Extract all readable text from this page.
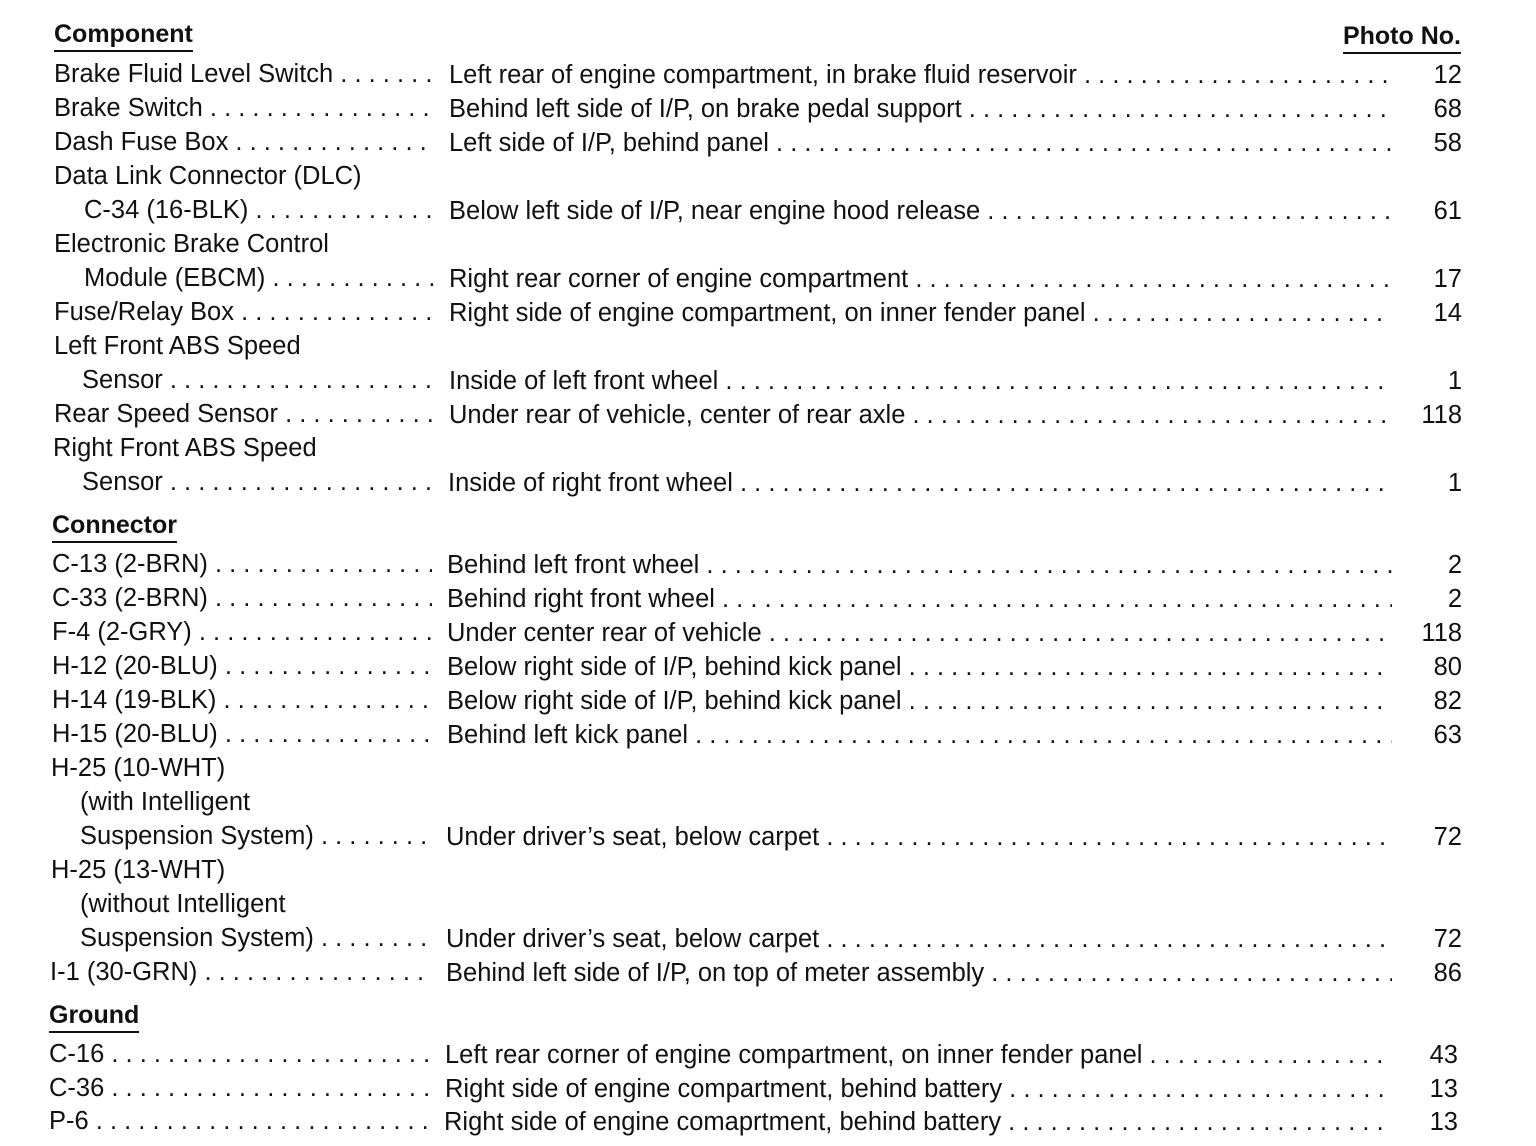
Component	Photo No.
Brake Fluid Level Switch . . .	Left rear of engine compartment, in brake fluid reservoir . . .	12
Brake Switch . . .	Behind left side of I/P, on brake pedal support . . .	68
Dash Fuse Box . . .	Left side of I/P, behind panel . . .	58
Data Link Connector (DLC)
C-34 (16-BLK) . . .	Below left side of I/P, near engine hood release . . .	61
Electronic Brake Control
Module (EBCM) . . .	Right rear corner of engine compartment . . .	17
Fuse/Relay Box . . .	Right side of engine compartment, on inner fender panel . . .	14
Left Front ABS Speed
Sensor . . .	Inside of left front wheel . . .	1
Rear Speed Sensor . . .	Under rear of vehicle, center of rear axle . . .	118
Right Front ABS Speed
Sensor . . .	Inside of right front wheel . . .	1
Connector
C-13 (2-BRN) . . .	Behind left front wheel . . .	2
C-33 (2-BRN) . . .	Behind right front wheel . . .	2
F-4 (2-GRY) . . .	Under center rear of vehicle . . .	118
H-12 (20-BLU) . . .	Below right side of I/P, behind kick panel . . .	80
H-14 (19-BLK) . . .	Below right side of I/P, behind kick panel . . .	82
H-15 (20-BLU) . . .	Behind left kick panel . . .	63
H-25 (10-WHT)
(with Intelligent
Suspension System) . . .	Under driver’s seat, below carpet . . .	72
H-25 (13-WHT)
(without Intelligent
Suspension System) . . .	Under driver’s seat, below carpet . . .	72
I-1 (30-GRN) . . .	Behind left side of I/P, on top of meter assembly . . .	86
Ground
C-16 . . .	Left rear corner of engine compartment, on inner fender panel . . .	43
C-36 . . .	Right side of engine compartment, behind battery . . .	13
P-6 . . .	Right side of engine comaprtment, behind battery . . .	13
